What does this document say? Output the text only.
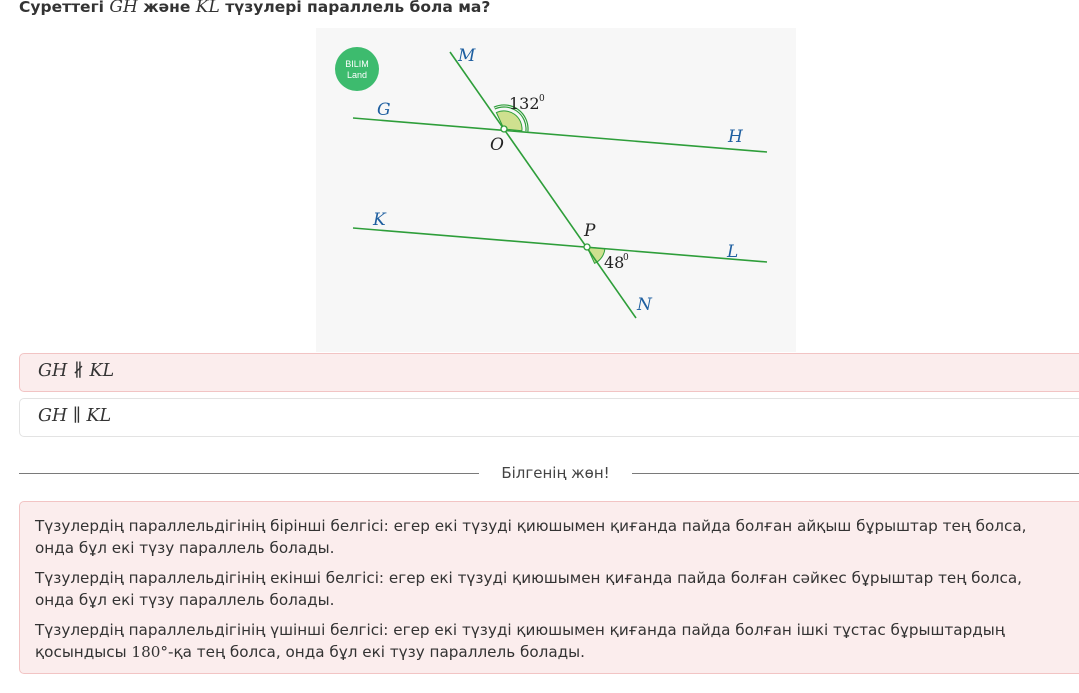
Суреттегі GH және KL түзулері параллель бола ма?
BILIM
Land
M
G
H
K
L
N
O
P
132 0
48
0
GH ∦ KL
GH ∥ KL
Білгенің жөн!

Түзулердің параллельдігінің бірінші белгісі: егер екі түзуді қиюшымен қиғанда пайда болған айқыш бұрыштар тең болса, онда бұл екі түзу параллель болады.

Түзулердің параллельдігінің екінші белгісі: егер екі түзуді қиюшымен қиғанда пайда болған сәйкес бұрыштар тең болса, онда бұл екі түзу параллель болады.

Түзулердің параллельдігінің үшінші белгісі: егер екі түзуді қиюшымен қиғанда пайда болған ішкі тұстас бұрыштардың қосындысы 180°-қа тең болса, онда бұл екі түзу параллель болады.
